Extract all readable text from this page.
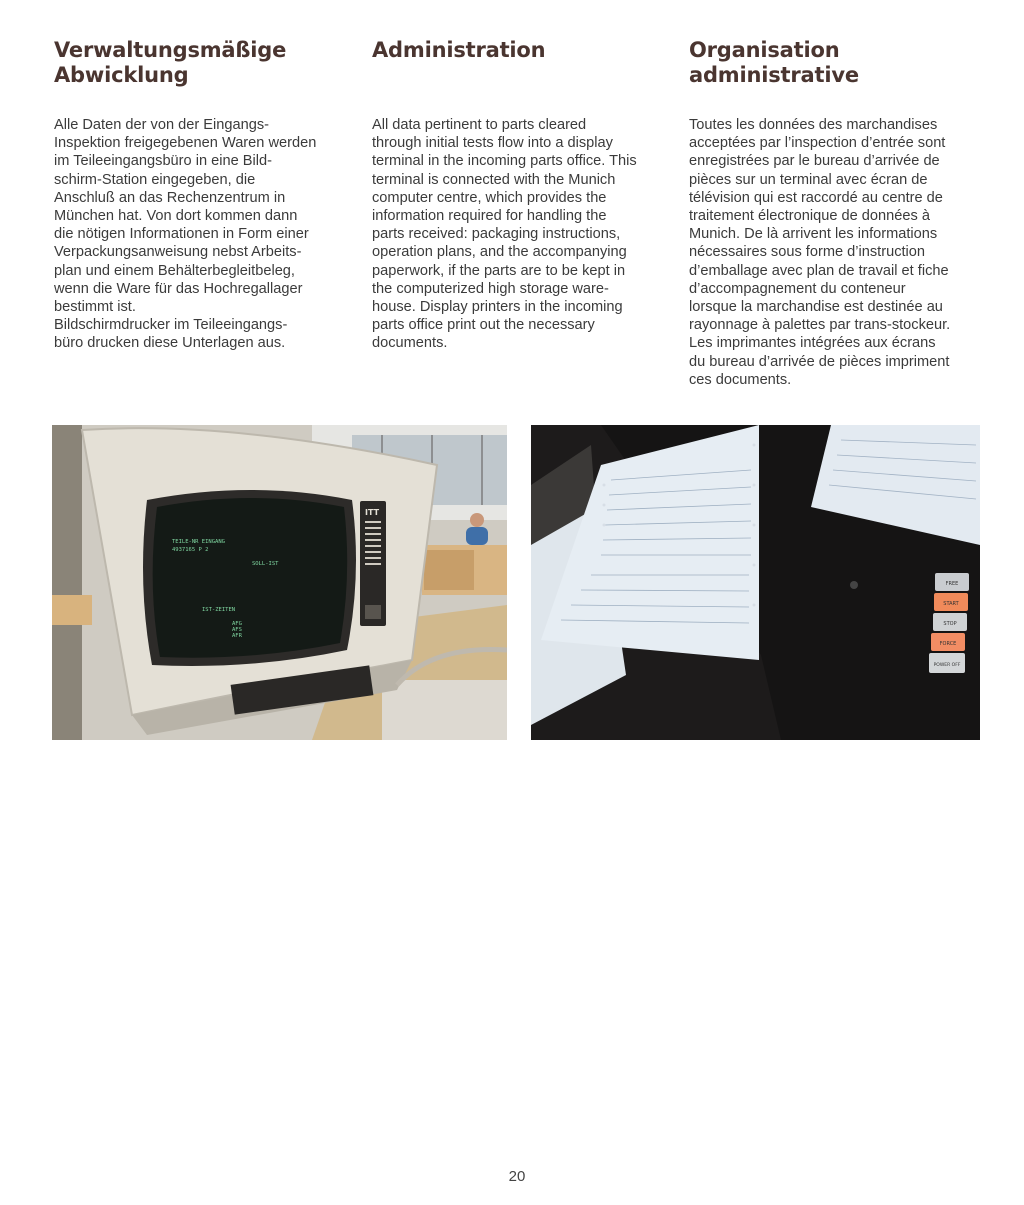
Verwaltungsmäßige
Abwicklung

Alle Daten der von der Eingangs-
Inspektion freigegebenen Waren werden
im Teileeingangsbüro in eine Bild-
schirm-Station eingegeben, die
Anschluß an das Rechenzentrum in
München hat. Von dort kommen dann
die nötigen Informationen in Form einer
Verpackungsanweisung nebst Arbeits-
plan und einem Behälterbegleitbeleg,
wenn die Ware für das Hochregallager
bestimmt ist.
Bildschirmdrucker im Teileeingangs-
büro drucken diese Unterlagen aus.

Administration

All data pertinent to parts cleared
through initial tests flow into a display
terminal in the incoming parts office. This
terminal is connected with the Munich
computer centre, which provides the
information required for handling the
parts received: packaging instructions,
operation plans, and the accompanying
paperwork, if the parts are to be kept in
the computerized high storage ware-
house. Display printers in the incoming
parts office print out the necessary
documents.

Organisation
administrative

Toutes les données des marchandises
acceptées par l’inspection d’entrée sont
enregistrées par le bureau d’arrivée de
pièces sur un terminal avec écran de
télévision qui est raccordé au centre de
traitement électronique de données à
Munich. De là arrivent les informations
nécessaires sous forme d’instruction
d’emballage avec plan de travail et fiche
d’accompagnement du conteneur
lorsque la marchandise est destinée au
rayonnage à palettes par trans-stockeur.
Les imprimantes intégrées aux écrans
du bureau d’arrivée de pièces impriment
ces documents.

TEILE-NR EINGANG
4937165 P 2
SOLL-IST
IST-ZEITEN
AFG
AFS
AFR
ITT
FREE
START
STOP
FORCE
POWER OFF
20
